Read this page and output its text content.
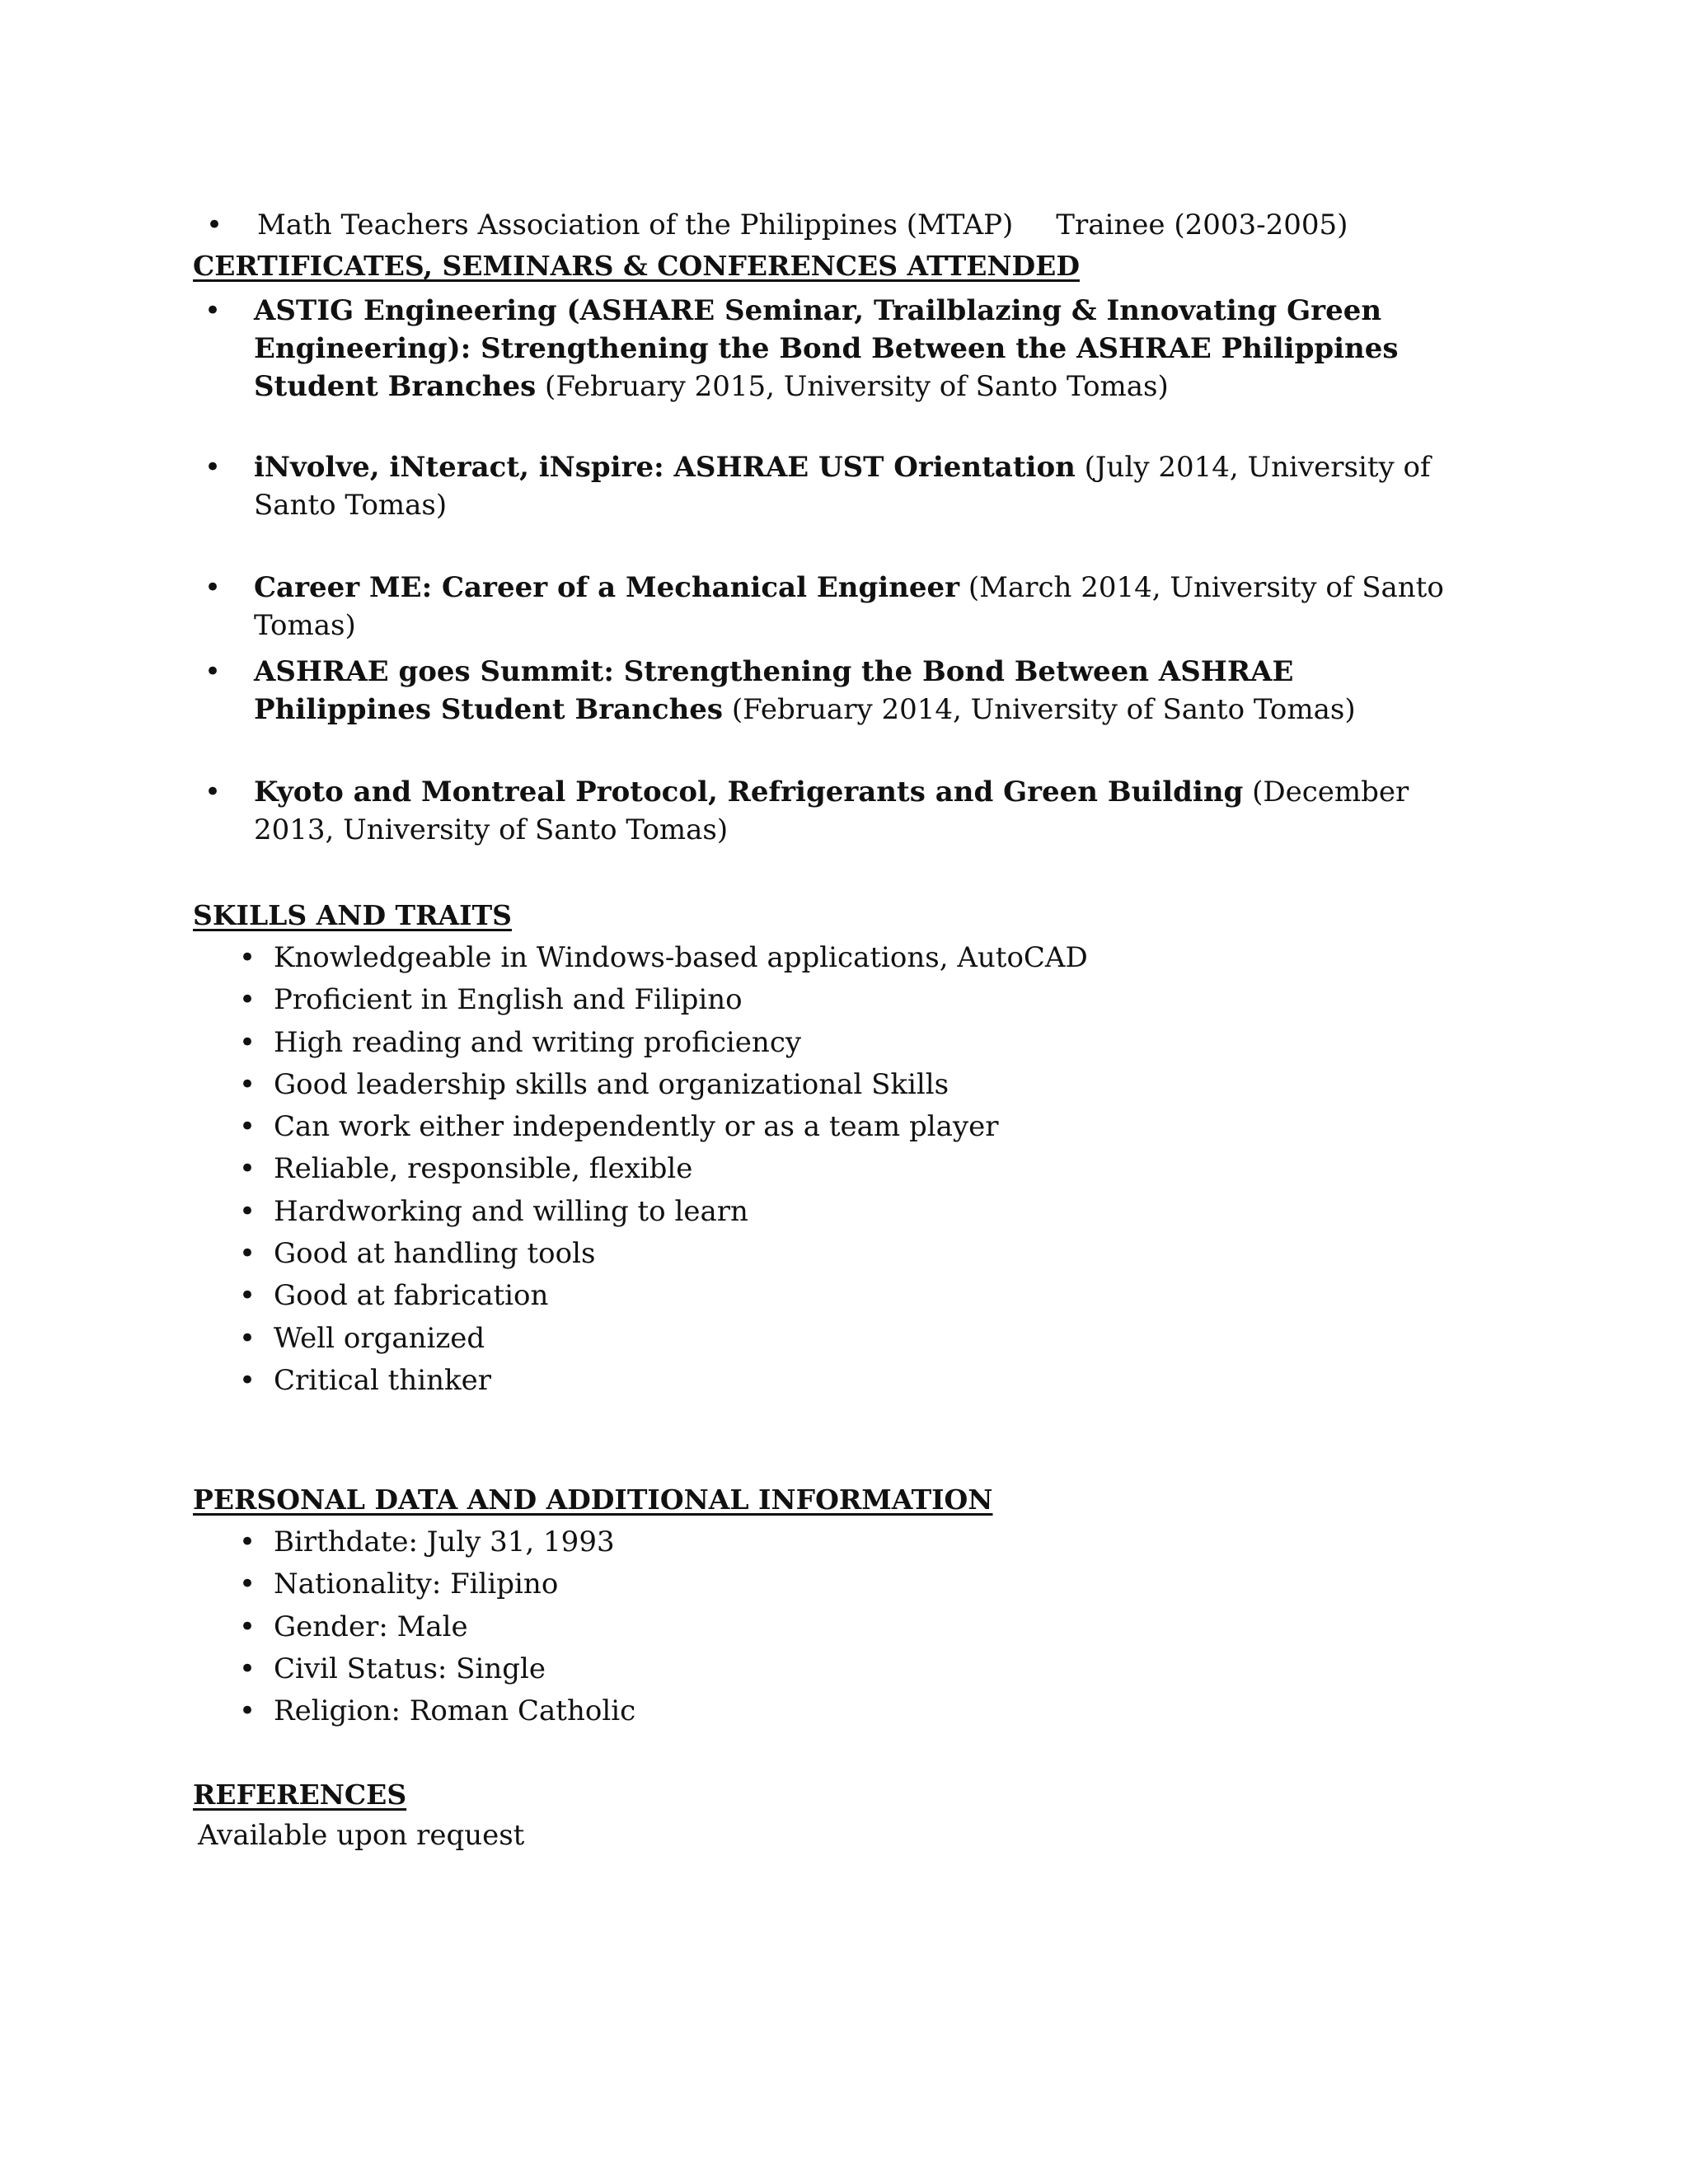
• Math Teachers Association of the Philippines (MTAP) Trainee (2003-2005)
CERTIFICATES, SEMINARS & CONFERENCES ATTENDED
• ASTIG Engineering (ASHARE Seminar, Trailblazing & Innovating Green Engineering): Strengthening the Bond Between the ASHRAE Philippines Student Branches (February 2015, University of Santo Tomas)
• iNvolve, iNteract, iNspire: ASHRAE UST Orientation (July 2014, University of Santo Tomas)
• Career ME: Career of a Mechanical Engineer (March 2014, University of Santo Tomas)
• ASHRAE goes Summit: Strengthening the Bond Between ASHRAE Philippines Student Branches (February 2014, University of Santo Tomas)
• Kyoto and Montreal Protocol, Refrigerants and Green Building (December 2013, University of Santo Tomas)
SKILLS AND TRAITS
• Knowledgeable in Windows-based applications, AutoCAD
• Proficient in English and Filipino
• High reading and writing proficiency
• Good leadership skills and organizational Skills
• Can work either independently or as a team player
• Reliable, responsible, flexible
• Hardworking and willing to learn
• Good at handling tools
• Good at fabrication
• Well organized
• Critical thinker
PERSONAL DATA AND ADDITIONAL INFORMATION
• Birthdate: July 31, 1993
• Nationality: Filipino
• Gender: Male
• Civil Status: Single
• Religion: Roman Catholic
REFERENCES
Available upon request
